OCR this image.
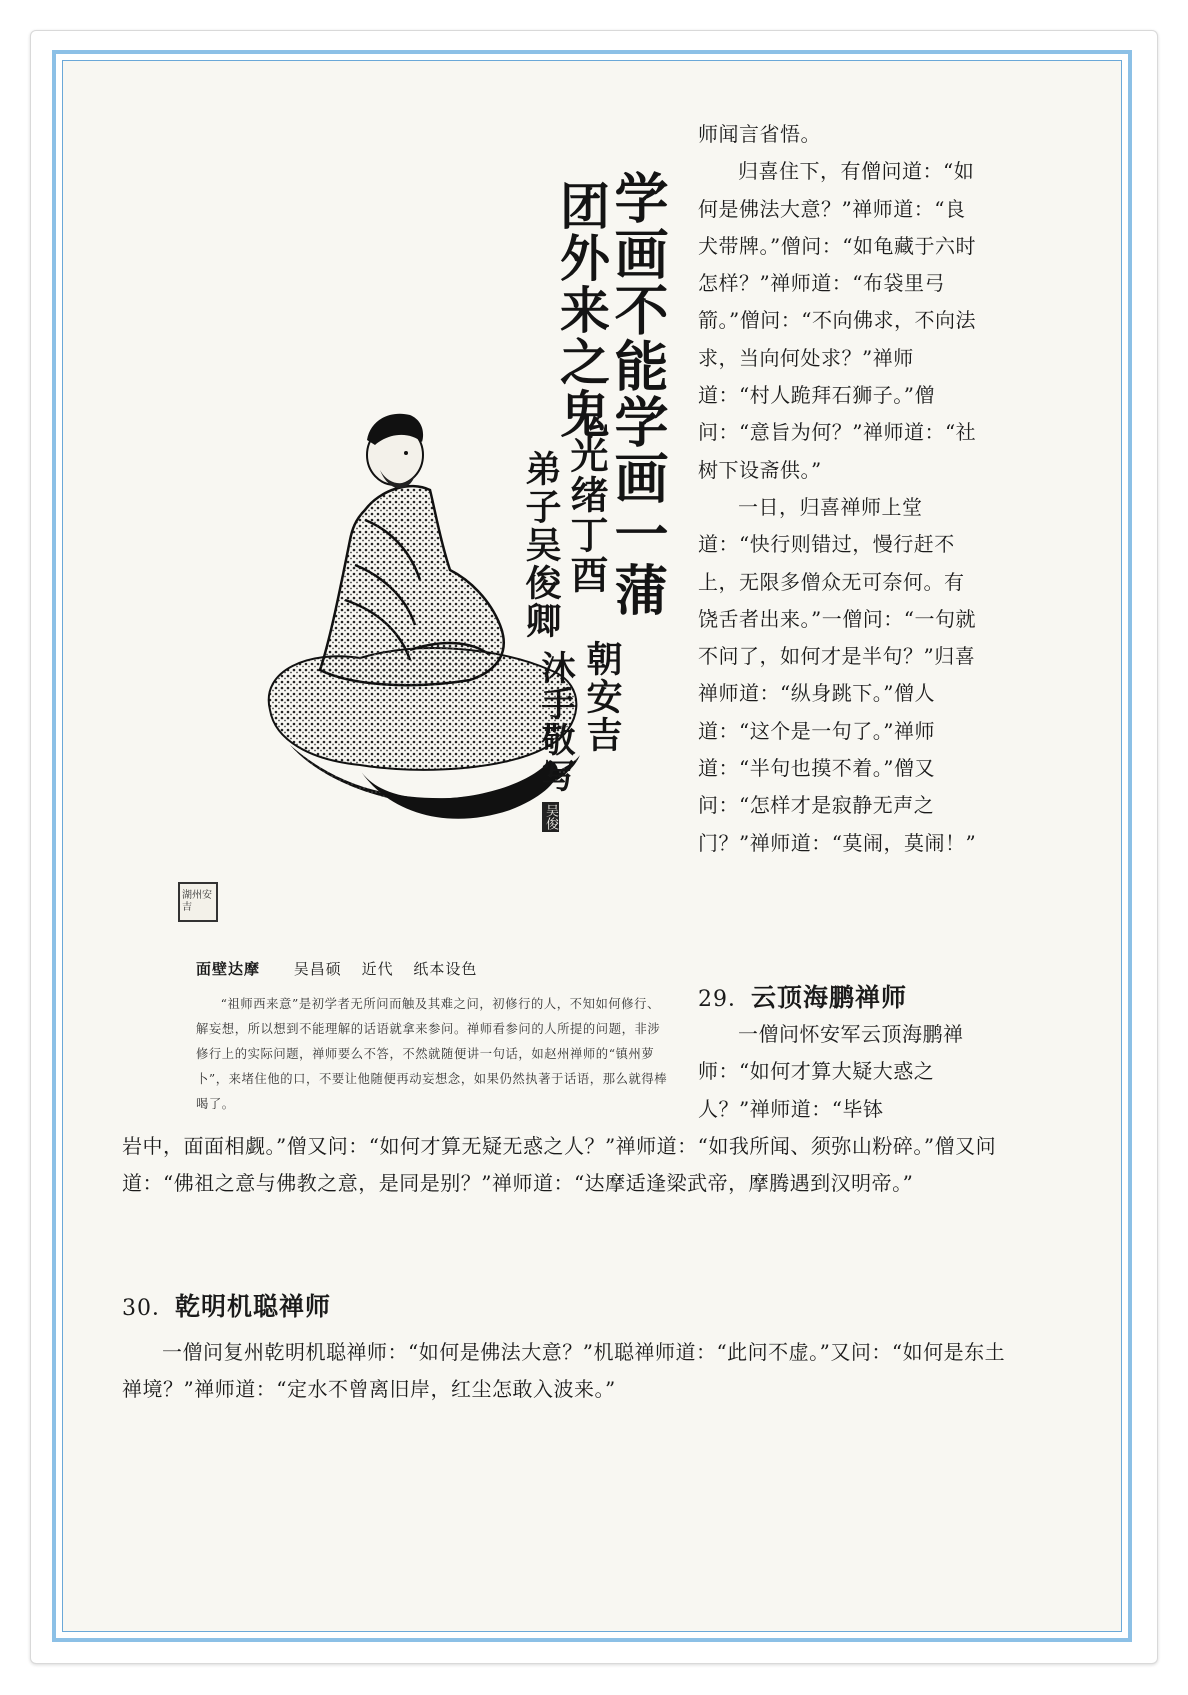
学画不能学画一蒲
团外来之鬼
光绪丁酉
朝安吉
弟子吴俊卿
沐手敬写
吴俊
湖州安吉
面壁达摩 吴昌硕 近代 纸本设色
“祖师西来意”是初学者无所问而触及其难之问，初修行的人，不知如何修行、解妄想，所以想到不能理解的话语就拿来参问。禅师看参问的人所提的问题，非涉修行上的实际问题，禅师要么不答，不然就随便讲一句话，如赵州禅师的“镇州萝卜”，来堵住他的口，不要让他随便再动妄想念，如果仍然执著于话语，那么就得棒喝了。

师闻言省悟。

归喜住下，有僧问道：“如何是佛法大意？”禅师道：“良犬带牌。”僧问：“如龟藏于六时怎样？”禅师道：“布袋里弓箭。”僧问：“不向佛求，不向法求，当向何处求？”禅师道：“村人跪拜石狮子。”僧问：“意旨为何？”禅师道：“社树下设斋供。”

一日，归喜禅师上堂道：“快行则错过，慢行赶不上，无限多僧众无可奈何。有饶舌者出来。”一僧问：“一句就不问了，如何才是半句？”归喜禅师道：“纵身跳下。”僧人道：“这个是一句了。”禅师道：“半句也摸不着。”僧又问：“怎样才是寂静无声之门？”禅师道：“莫闹，莫闹！”

29．云顶海鹏禅师

一僧问怀安军云顶海鹏禅师：“如何才算大疑大惑之人？”禅师道：“毕钵

岩中，面面相觑。”僧又问：“如何才算无疑无惑之人？”禅师道：“如我所闻、须弥山粉碎。”僧又问道：“佛祖之意与佛教之意，是同是别？”禅师道：“达摩适逢梁武帝，摩腾遇到汉明帝。”

30．乾明机聪禅师

一僧问复州乾明机聪禅师：“如何是佛法大意？”机聪禅师道：“此问不虚。”又问：“如何是东土禅境？”禅师道：“定水不曾离旧岸，红尘怎敢入波来。”
